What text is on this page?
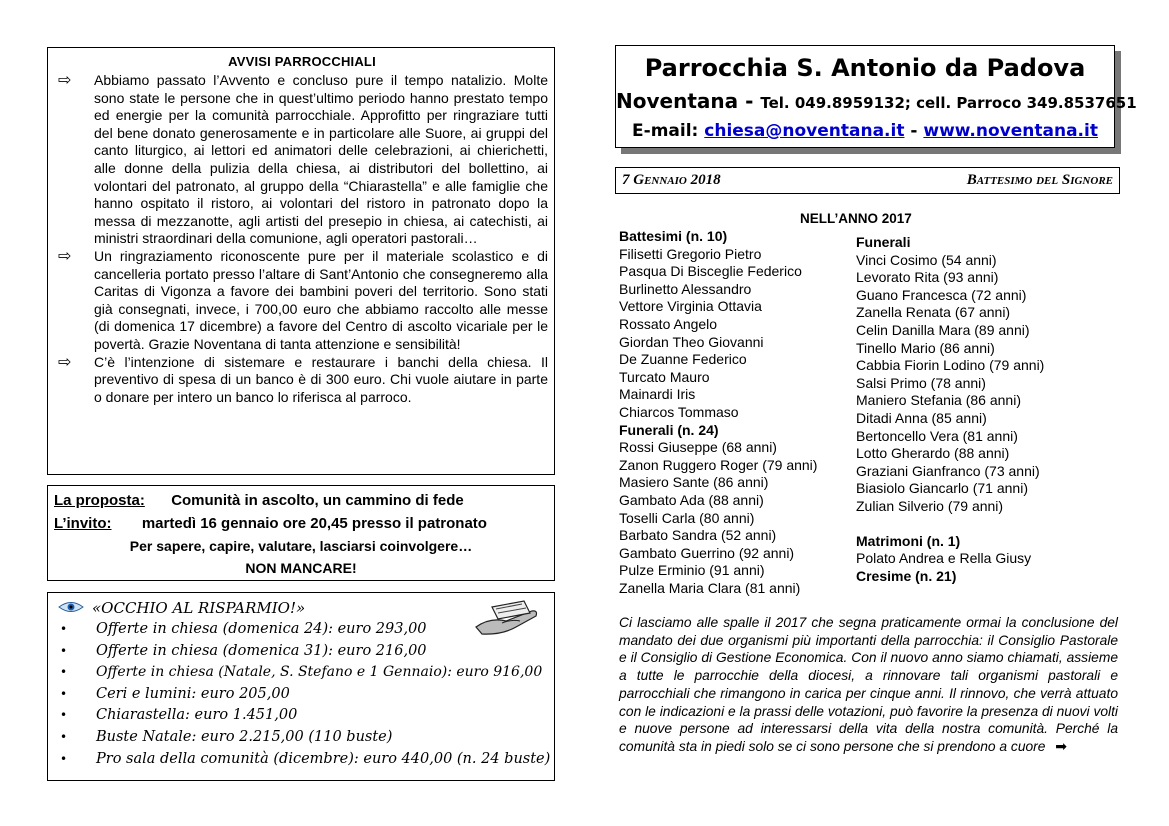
AVVISI PARROCCHIALI
⇨ Abbiamo passato l’Avvento e concluso pure il tempo natalizio. Molte sono state le persone che in quest’ultimo periodo hanno prestato tempo ed energie per la comunità parrocchiale. Approfitto per ringraziare tutti del bene donato generosamente e in particolare alle Suore, ai gruppi del canto liturgico, ai lettori ed animatori delle celebrazioni, ai chierichetti, alle donne della pulizia della chiesa, ai distributori del bollettino, ai volontari del patronato, al gruppo della “Chiarastella” e alle famiglie che hanno ospitato il ristoro, ai volontari del ristoro in patronato dopo la messa di mezzanotte, agli artisti del presepio in chiesa, ai catechisti, ai ministri straordinari della comunione, agli operatori pastorali…

⇨ Un ringraziamento riconoscente pure per il materiale scolastico e di cancelleria portato presso l’altare di Sant’Antonio che consegneremo alla Caritas di Vigonza a favore dei bambini poveri del territorio. Sono stati già consegnati, invece, i 700,00 euro che abbiamo raccolto alle messe (di domenica 17 dicembre) a favore del Centro di ascolto vicariale per le povertà. Grazie Noventana di tanta attenzione e sensibilità!

⇨ C’è l’intenzione di sistemare e restaurare i banchi della chiesa. Il preventivo di spesa di un banco è di 300 euro. Chi vuole aiutare in parte o donare per intero un banco lo riferisca al parroco.

La proposta: Comunità in ascolto, un cammino di fede
L’invito: martedì 16 gennaio ore 20,45 presso il patronato
Per sapere, capire, valutare, lasciarsi coinvolgere…
NON MANCARE!
«OCCHIO AL RISPARMIO!»
• Offerte in chiesa (domenica 24): euro 293,00
• Offerte in chiesa (domenica 31): euro 216,00
• Offerte in chiesa (Natale, S. Stefano e 1 Gennaio): euro 916,00
• Ceri e lumini: euro 205,00
• Chiarastella: euro 1.451,00
• Buste Natale: euro 2.215,00 (110 buste)
• Pro sala della comunità (dicembre): euro 440,00 (n. 24 buste)
Parrocchia S. Antonio da Padova
Noventana - Tel. 049.8959132; cell. Parroco 349.8537651
E-mail: chiesa@noventana.it - www.noventana.it
7 Gennaio 2018	Battesimo del Signore
NELL’ANNO 2017
Battesimi (n. 10)
Filisetti Gregorio Pietro
Pasqua Di Bisceglie Federico
Burlinetto Alessandro
Vettore Virginia Ottavia
Rossato Angelo
Giordan Theo Giovanni
De Zuanne Federico
Turcato Mauro
Mainardi Iris
Chiarcos Tommaso
Funerali (n. 24)
Rossi Giuseppe (68 anni)
Zanon Ruggero Roger (79 anni)
Masiero Sante (86 anni)
Gambato Ada (88 anni)
Toselli Carla (80 anni)
Barbato Sandra (52 anni)
Gambato Guerrino (92 anni)
Pulze Erminio (91 anni)
Zanella Maria Clara (81 anni)
Funerali
Vinci Cosimo (54 anni)
Levorato Rita (93 anni)
Guano Francesca (72 anni)
Zanella Renata (67 anni)
Celin Danilla Mara (89 anni)
Tinello Mario (86 anni)
Cabbia Fiorin Lodino (79 anni)
Salsi Primo (78 anni)
Maniero Stefania (86 anni)
Ditadi Anna (85 anni)
Bertoncello Vera (81 anni)
Lotto Gherardo (88 anni)
Graziani Gianfranco (73 anni)
Biasiolo Giancarlo (71 anni)
Zulian Silverio (79 anni)
Matrimoni (n. 1)
Polato Andrea e Rella Giusy
Cresime (n. 21)
Ci lasciamo alle spalle il 2017 che segna praticamente ormai la conclusione del mandato dei due organismi più importanti della parrocchia: il Consiglio Pastorale e il Consiglio di Gestione Economica. Con il nuovo anno siamo chiamati, assieme a tutte le parrocchie della diocesi, a rinnovare tali organismi pastorali e parrocchiali che rimangono in carica per cinque anni. Il rinnovo, che verrà attuato con le indicazioni e la prassi delle votazioni, può favorire la presenza di nuovi volti e nuove persone ad interessarsi della vita della nostra comunità. Perché la comunità sta in piedi solo se ci sono persone che si prendono a cuore ➡
